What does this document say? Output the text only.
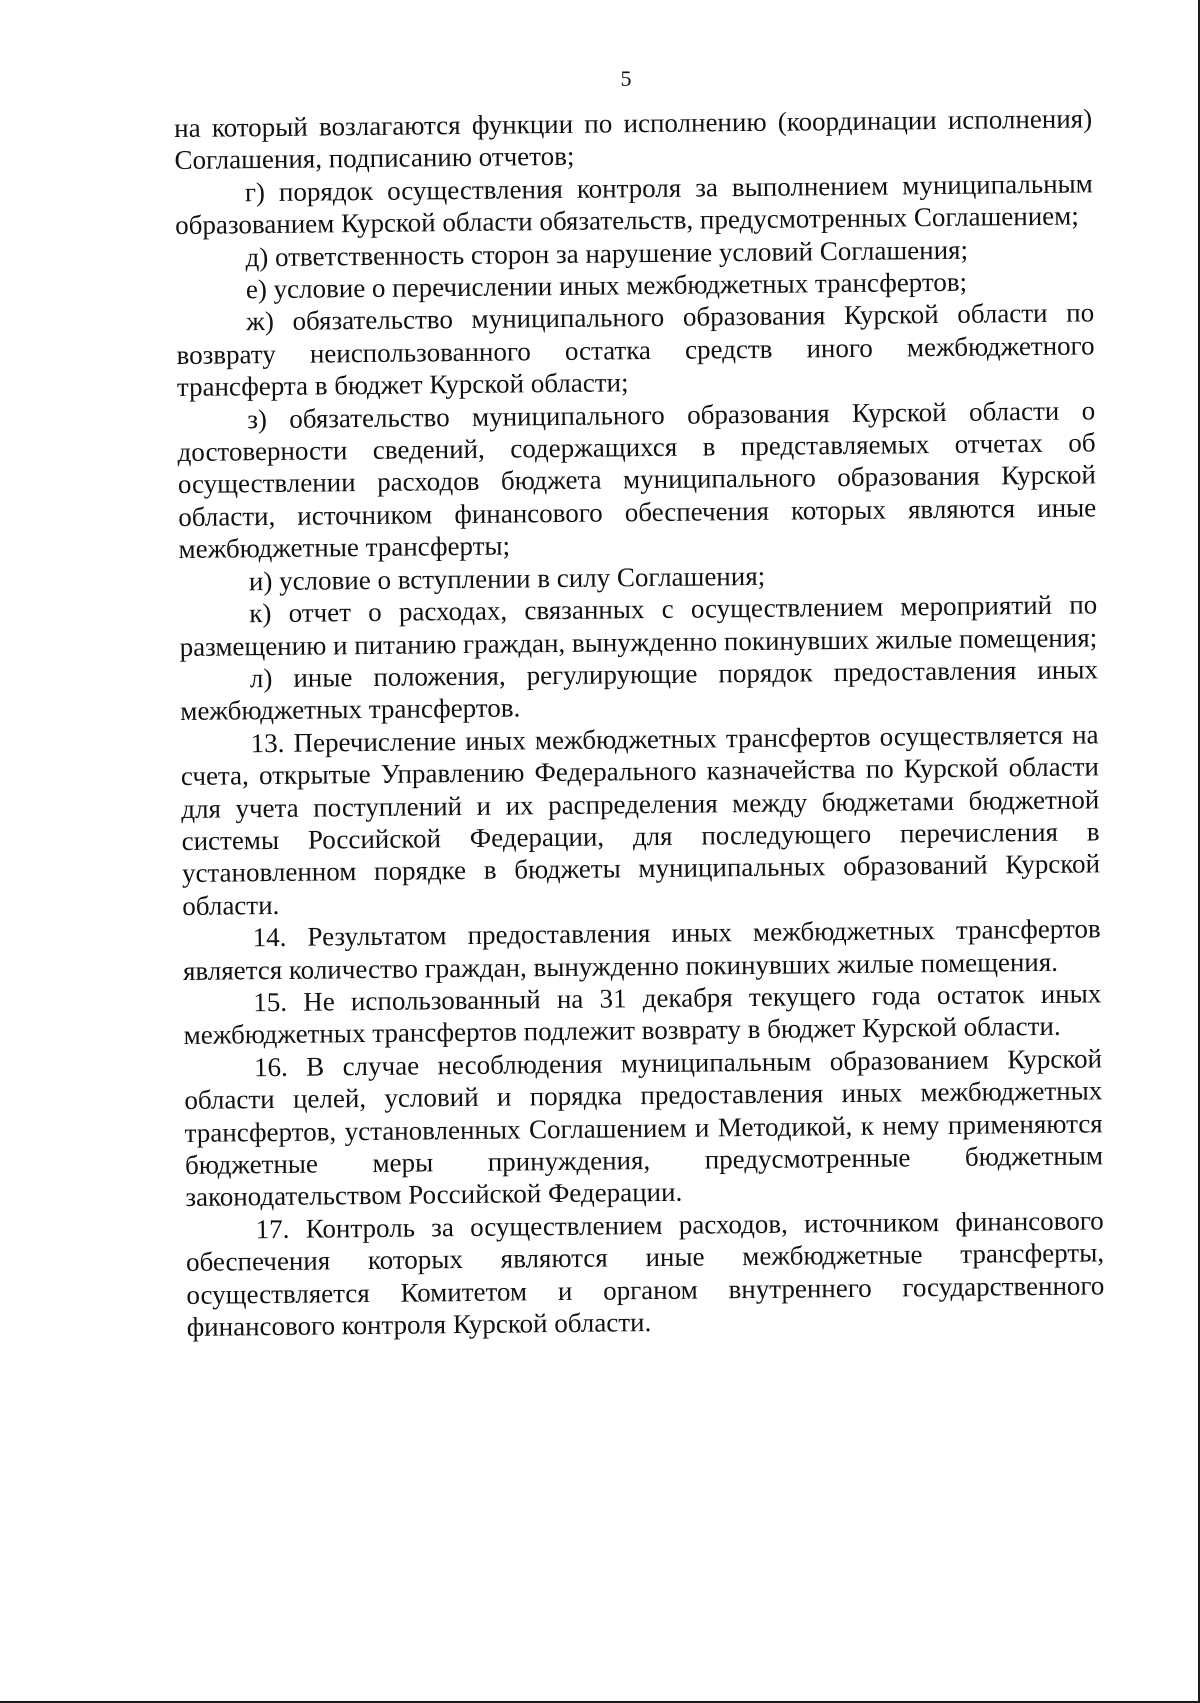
5

на который возлагаются функции по исполнению (координации исполнения) Соглашения, подписанию отчетов;

г) порядок осуществления контроля за выполнением муниципальным образованием Курской области обязательств, предусмотренных Соглашением;

д) ответственность сторон за нарушение условий Соглашения;

е) условие о перечислении иных межбюджетных трансфертов;

ж) обязательство муниципального образования Курской области по возврату неиспользованного остатка средств иного межбюджетного трансферта в бюджет Курской области;

з) обязательство муниципального образования Курской области о достоверности сведений, содержащихся в представляемых отчетах об осуществлении расходов бюджета муниципального образования Курской области, источником финансового обеспечения которых являются иные межбюджетные трансферты;

и) условие о вступлении в силу Соглашения;

к) отчет о расходах, связанных с осуществлением мероприятий по размещению и питанию граждан, вынужденно покинувших жилые помещения;

л) иные положения, регулирующие порядок предоставления иных межбюджетных трансфертов.

13. Перечисление иных межбюджетных трансфертов осуществляется на счета, открытые Управлению Федерального казначейства по Курской области для учета поступлений и их распределения между бюджетами бюджетной системы Российской Федерации, для последующего перечисления в установленном порядке в бюджеты муниципальных образований Курской области.

14. Результатом предоставления иных межбюджетных трансфертов является количество граждан, вынужденно покинувших жилые помещения.

15. Не использованный на 31 декабря текущего года остаток иных межбюджетных трансфертов подлежит возврату в бюджет Курской области.

16. В случае несоблюдения муниципальным образованием Курской области целей, условий и порядка предоставления иных межбюджетных трансфертов, установленных Соглашением и Методикой, к нему применяются бюджетные меры принуждения, предусмотренные бюджетным законодательством Российской Федерации.

17. Контроль за осуществлением расходов, источником финансового обеспечения которых являются иные межбюджетные трансферты, осуществляется Комитетом и органом внутреннего государственного финансового контроля Курской области.
